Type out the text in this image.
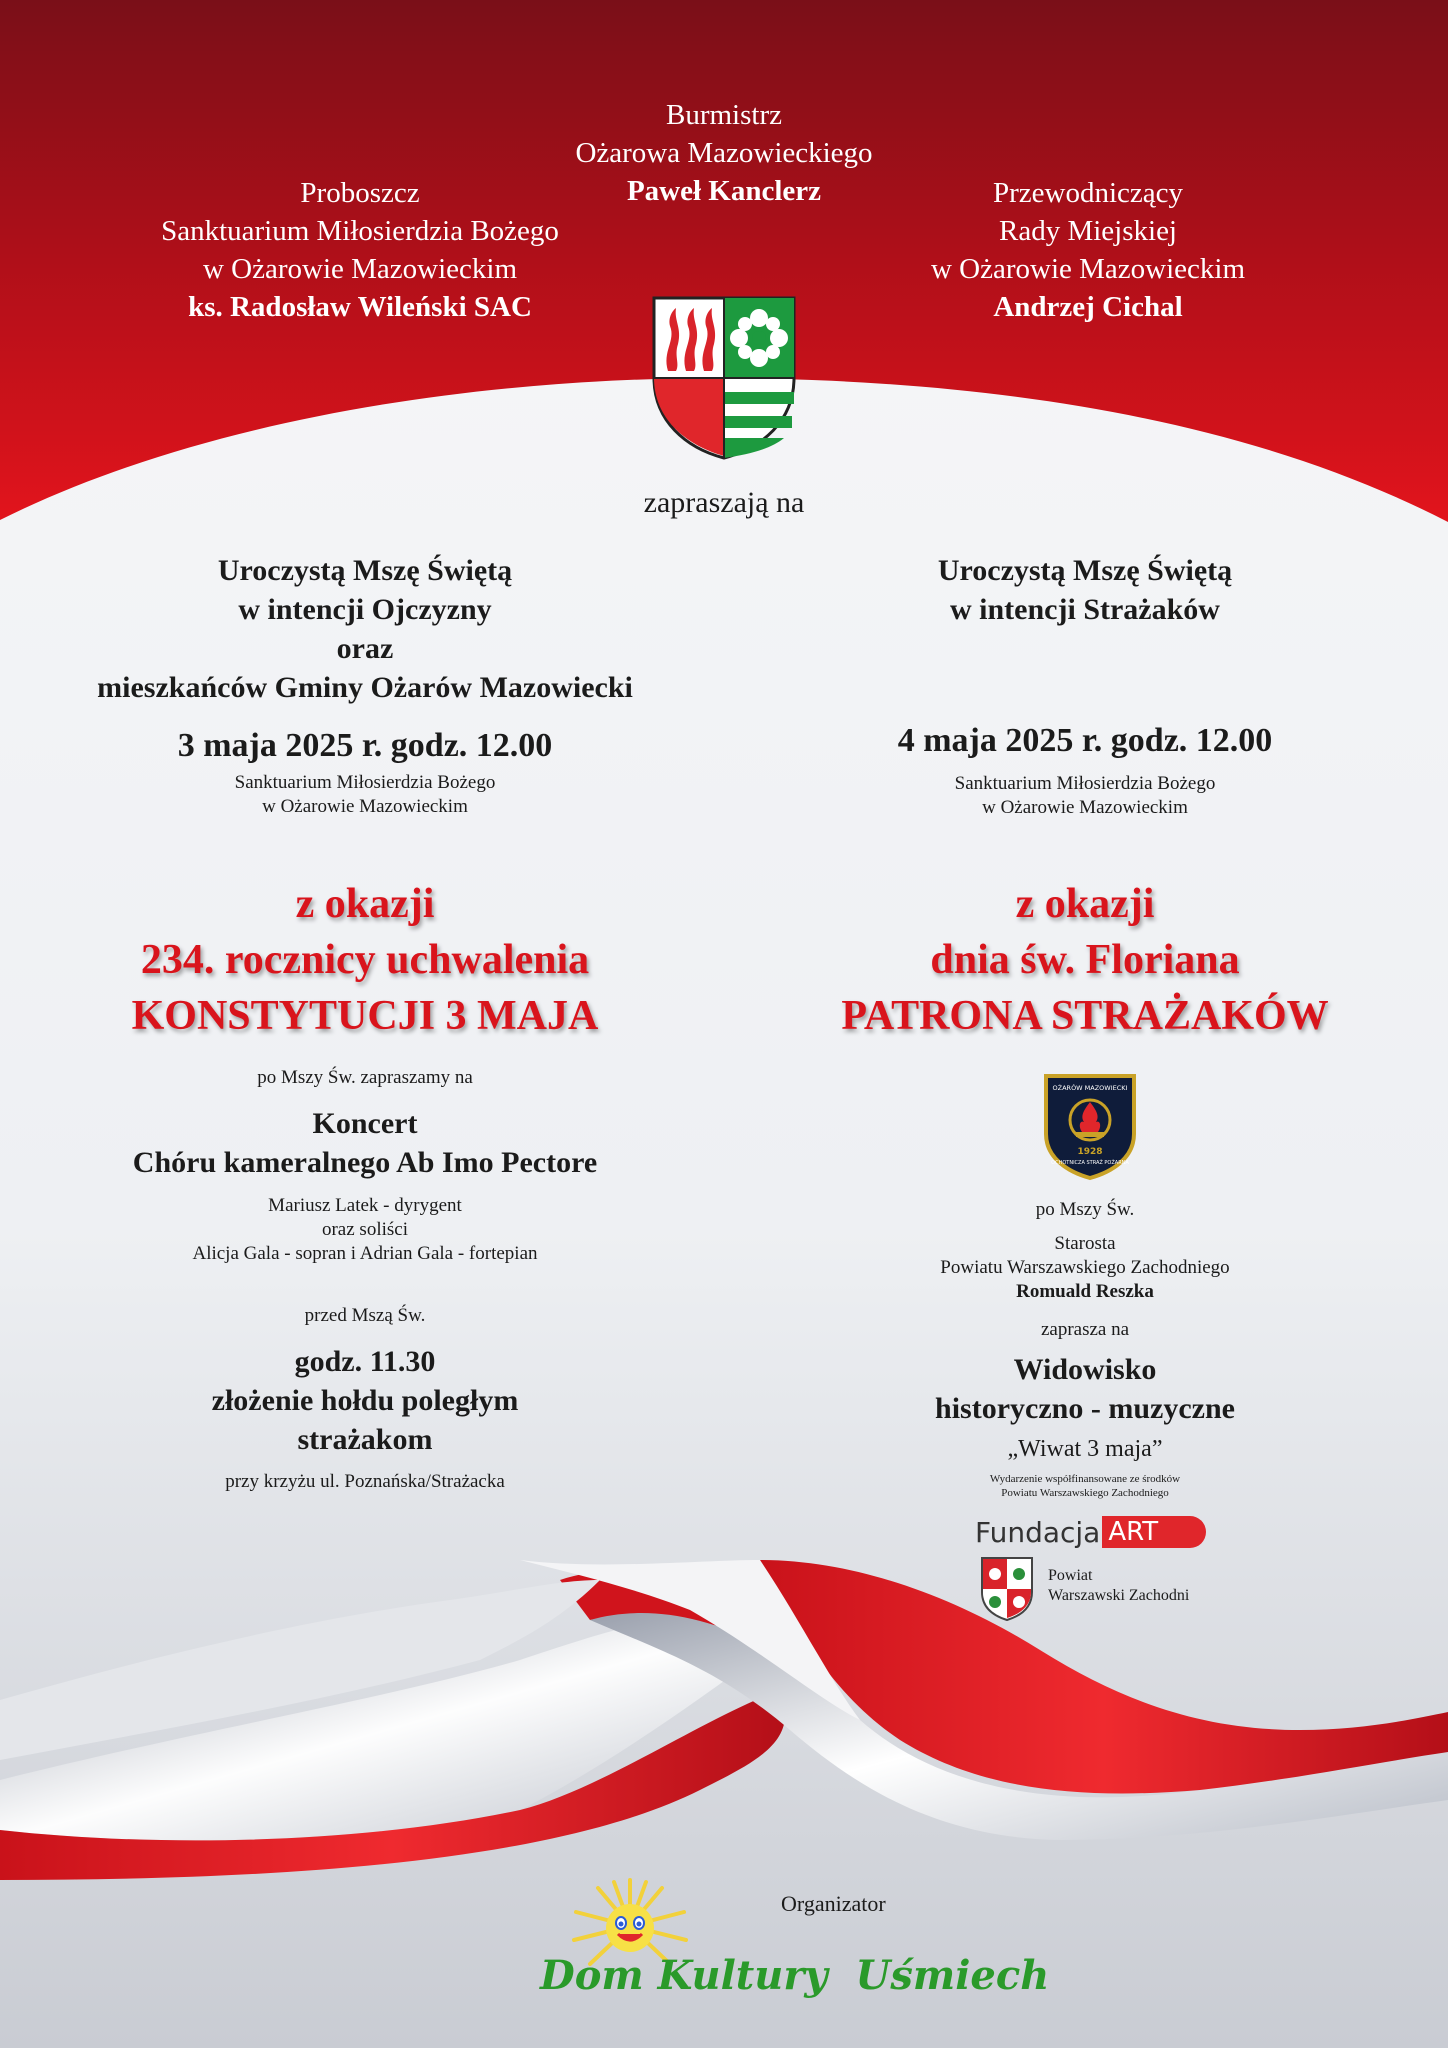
Burmistrz
Ożarowa Mazowieckiego
Paweł Kanclerz
Proboszcz
Sanktuarium Miłosierdzia Bożego
w Ożarowie Mazowieckim
ks. Radosław Wileński SAC
Przewodniczący
Rady Miejskiej
w Ożarowie Mazowieckim
Andrzej Cichal
zapraszają na
Uroczystą Mszę Świętą
w intencji Ojczyzny
oraz
mieszkańców Gminy Ożarów Mazowiecki
3 maja 2025 r. godz. 12.00
Sanktuarium Miłosierdzia Bożego
w Ożarowie Mazowieckim
z okazji
234. rocznicy uchwalenia
KONSTYTUCJI 3 MAJA
po Mszy Św. zapraszamy na
Koncert
Chóru kameralnego Ab Imo Pectore
Mariusz Latek - dyrygent
oraz soliści
Alicja Gala - sopran i Adrian Gala - fortepian
przed Mszą Św.
godz. 11.30
złożenie hołdu poległym
strażakom
przy krzyżu ul. Poznańska/Strażacka
Uroczystą Mszę Świętą
w intencji Strażaków
4 maja 2025 r. godz. 12.00
Sanktuarium Miłosierdzia Bożego
w Ożarowie Mazowieckim
z okazji
dnia św. Floriana
PATRONA STRAŻAKÓW
OŻARÓW MAZOWIECKI
1928
OCHOTNICZA STRAŻ POŻARNA
po Mszy Św.
Starosta
Powiatu Warszawskiego Zachodniego
Romuald Reszka
zaprasza na
Widowisko
historyczno - muzyczne
„Wiwat 3 maja”
Wydarzenie współfinansowane ze środków
Powiatu Warszawskiego Zachodniego
Fundacja ART
Powiat
Warszawski Zachodni
Organizator
Dom Kultury  Uśmiech
